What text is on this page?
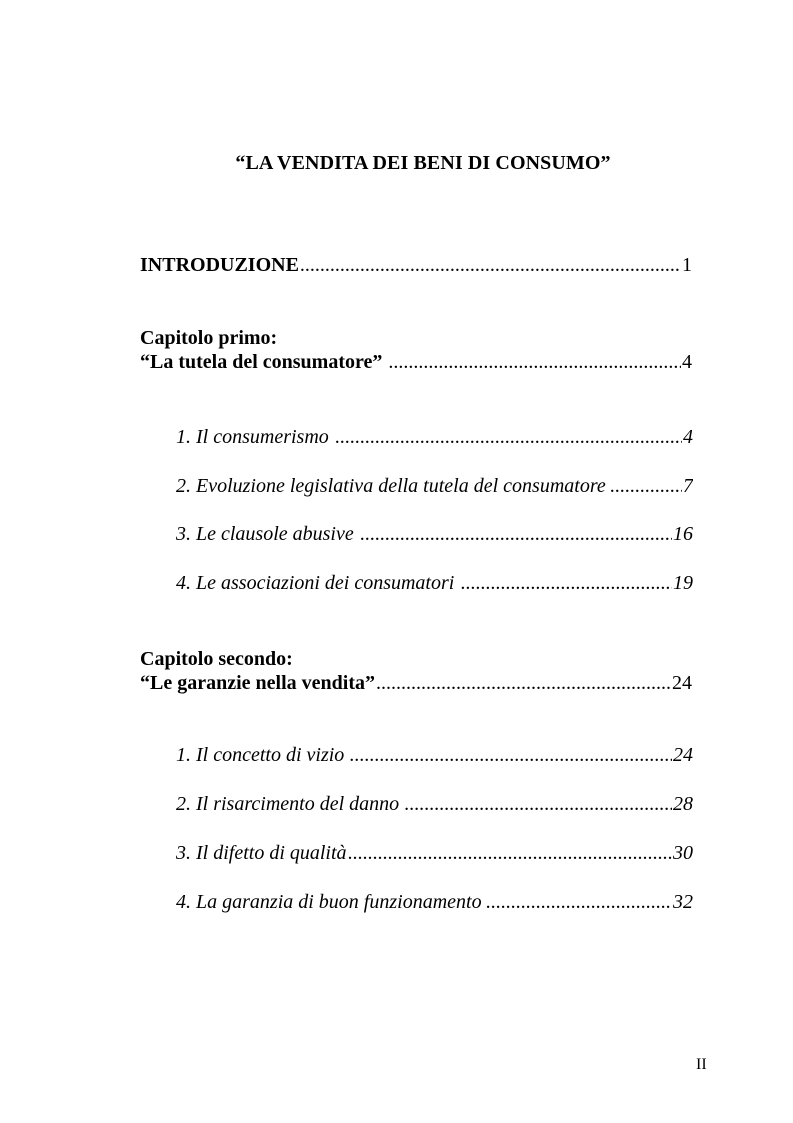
“LA VENDITA DEI BENI DI CONSUMO”
INTRODUZIONE .....	1
Capitolo primo:
“La tutela del consumatore” .....	4
1. Il consumerismo .....	4
2. Evoluzione legislativa della tutela del consumatore .....	7
3. Le clausole abusive .....	16
4. Le associazioni dei consumatori .....	19
Capitolo secondo:
“Le garanzie nella vendita” .....	24
1. Il concetto di vizio .....	24
2. Il risarcimento del danno .....	28
3. Il difetto di qualità .....	30
4. La garanzia di buon funzionamento .....	32
II
